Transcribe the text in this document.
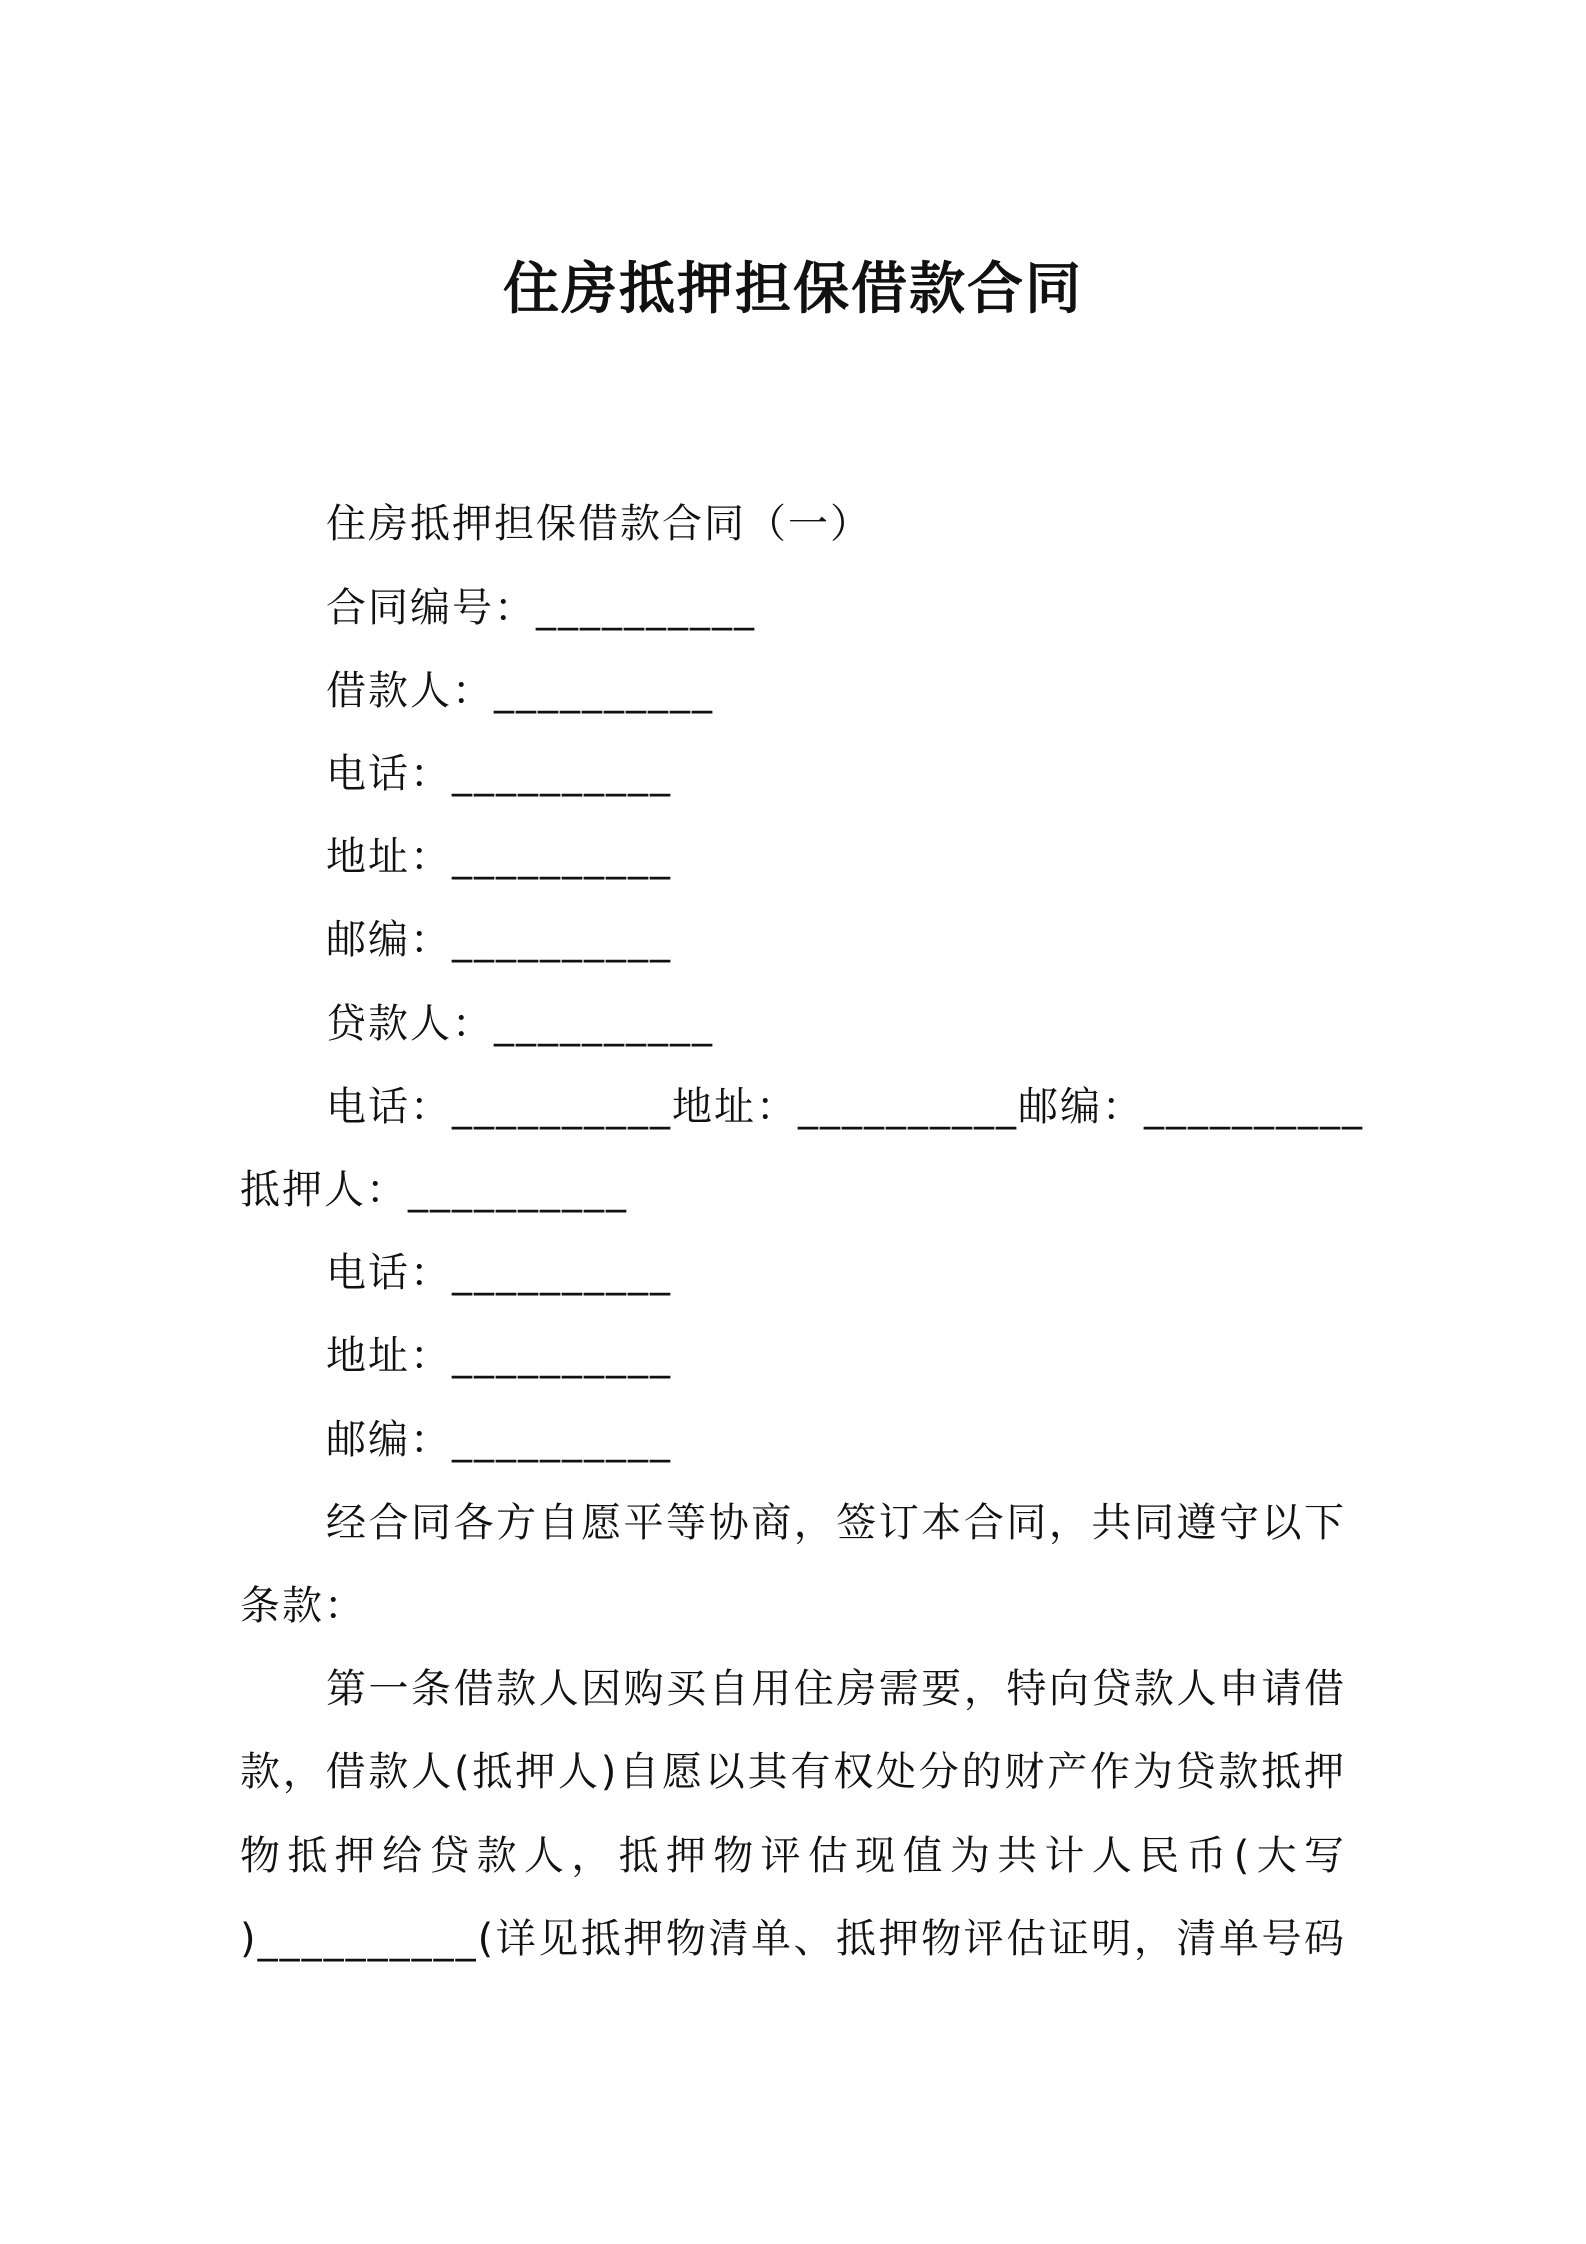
住房抵押担保借款合同
住房抵押担保借款合同（一）
合同编号：__________
借款人：__________
电话：__________
地址：__________
邮编：__________
贷款人：__________
电话：__________地址：__________邮编：__________
抵押人：__________
电话：__________
地址：__________
邮编：__________
经合同各方自愿平等协商，签订本合同，共同遵守以下
条款：
第一条借款人因购买自用住房需要，特向贷款人申请借
款，借款人(抵押人)自愿以其有权处分的财产作为贷款抵押
物抵押给贷款人，抵押物评估现值为共计人民币(大写
)__________(详见抵押物清单、抵押物评估证明，清单号码
